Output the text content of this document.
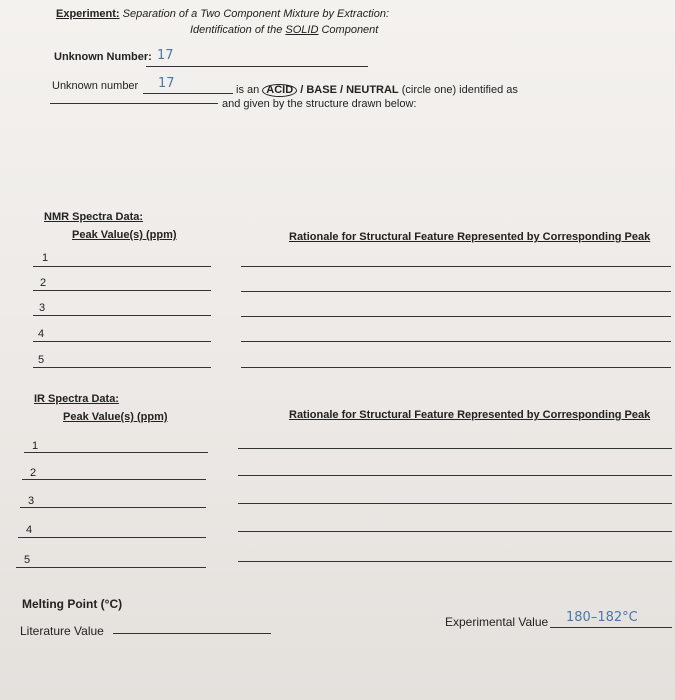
Experiment: Separation of a Two Component Mixture by Extraction:
Identification of the SOLID Component
Unknown Number: 17
Unknown number 17	is an ACID / BASE / NEUTRAL (circle one) identified as
and given by the structure drawn below:
NMR Spectra Data:
Peak Value(s) (ppm)	Rationale for Structural Feature Represented by Corresponding Peak
1
2
3
4
5
IR Spectra Data:
Peak Value(s) (ppm)	Rationale for Structural Feature Represented by Corresponding Peak
1
2
3
4
5
Melting Point (°C)
Literature Value
Experimental Value 180–182°C
